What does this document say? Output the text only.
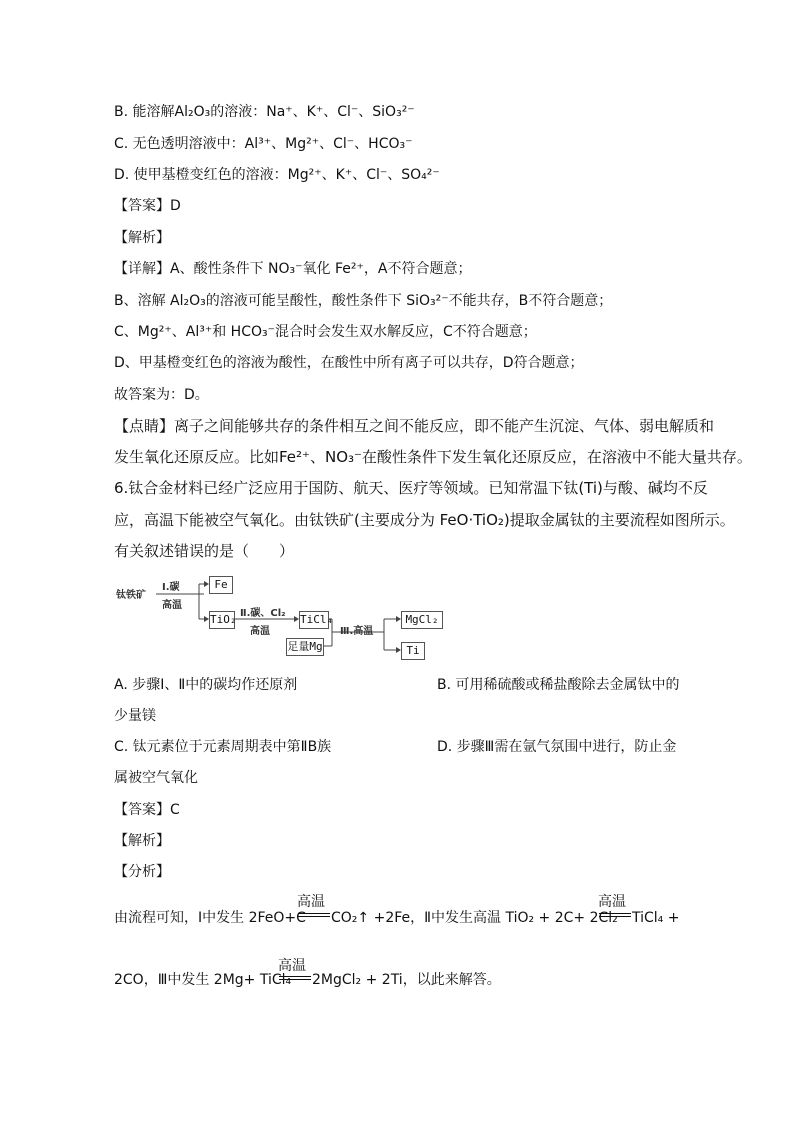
B. 能溶解Al₂O₃的溶液：Na⁺、K⁺、Cl⁻、SiO₃²⁻
C. 无色透明溶液中：Al³⁺、Mg²⁺、Cl⁻、HCO₃⁻
D. 使甲基橙变红色的溶液：Mg²⁺、K⁺、Cl⁻、SO₄²⁻
【答案】D
【解析】
【详解】A、酸性条件下 NO₃⁻氧化 Fe²⁺，A不符合题意；
B、溶解 Al₂O₃的溶液可能呈酸性，酸性条件下 SiO₃²⁻不能共存，B不符合题意；
C、Mg²⁺、Al³⁺和 HCO₃⁻混合时会发生双水解反应，C不符合题意；
D、甲基橙变红色的溶液为酸性，在酸性中所有离子可以共存，D符合题意；
故答案为：D。
【点睛】离子之间能够共存的条件相互之间不能反应，即不能产生沉淀、气体、弱电解质和
发生氧化还原反应。比如Fe²⁺、NO₃⁻在酸性条件下发生氧化还原反应，在溶液中不能大量共存。
6.钛合金材料已经广泛应用于国防、航天、医疗等领域。已知常温下钛(Ti)与酸、碱均不反
应，高温下能被空气氧化。由钛铁矿(主要成分为 FeO·TiO₂)提取金属钛的主要流程如图所示。
有关叙述错误的是（　　）
钛铁矿
Ⅰ.碳
高温
Fe
TiO₂ Ⅱ.碳、Cl₂
高温
TiCl₄
足量Mg
Ⅲ.高温
MgCl₂
Ti
A. 步骤Ⅰ、Ⅱ中的碳均作还原剂	B. 可用稀硫酸或稀盐酸除去金属钛中的
少量镁
C. 钛元素位于元素周期表中第ⅡB族	D. 步骤Ⅲ需在氩气氛围中进行，防止金
属被空气氧化
【答案】C
【解析】
【分析】
由流程可知，Ⅰ中发生 2FeO+C
高温
CO₂↑ +2Fe，Ⅱ中发生高温 TiO₂ + 2C+ 2Cl₂
高温
TiCl₄ +
2CO，Ⅲ中发生 2Mg+ TiCl₄
高温
2MgCl₂ + 2Ti，以此来解答。
